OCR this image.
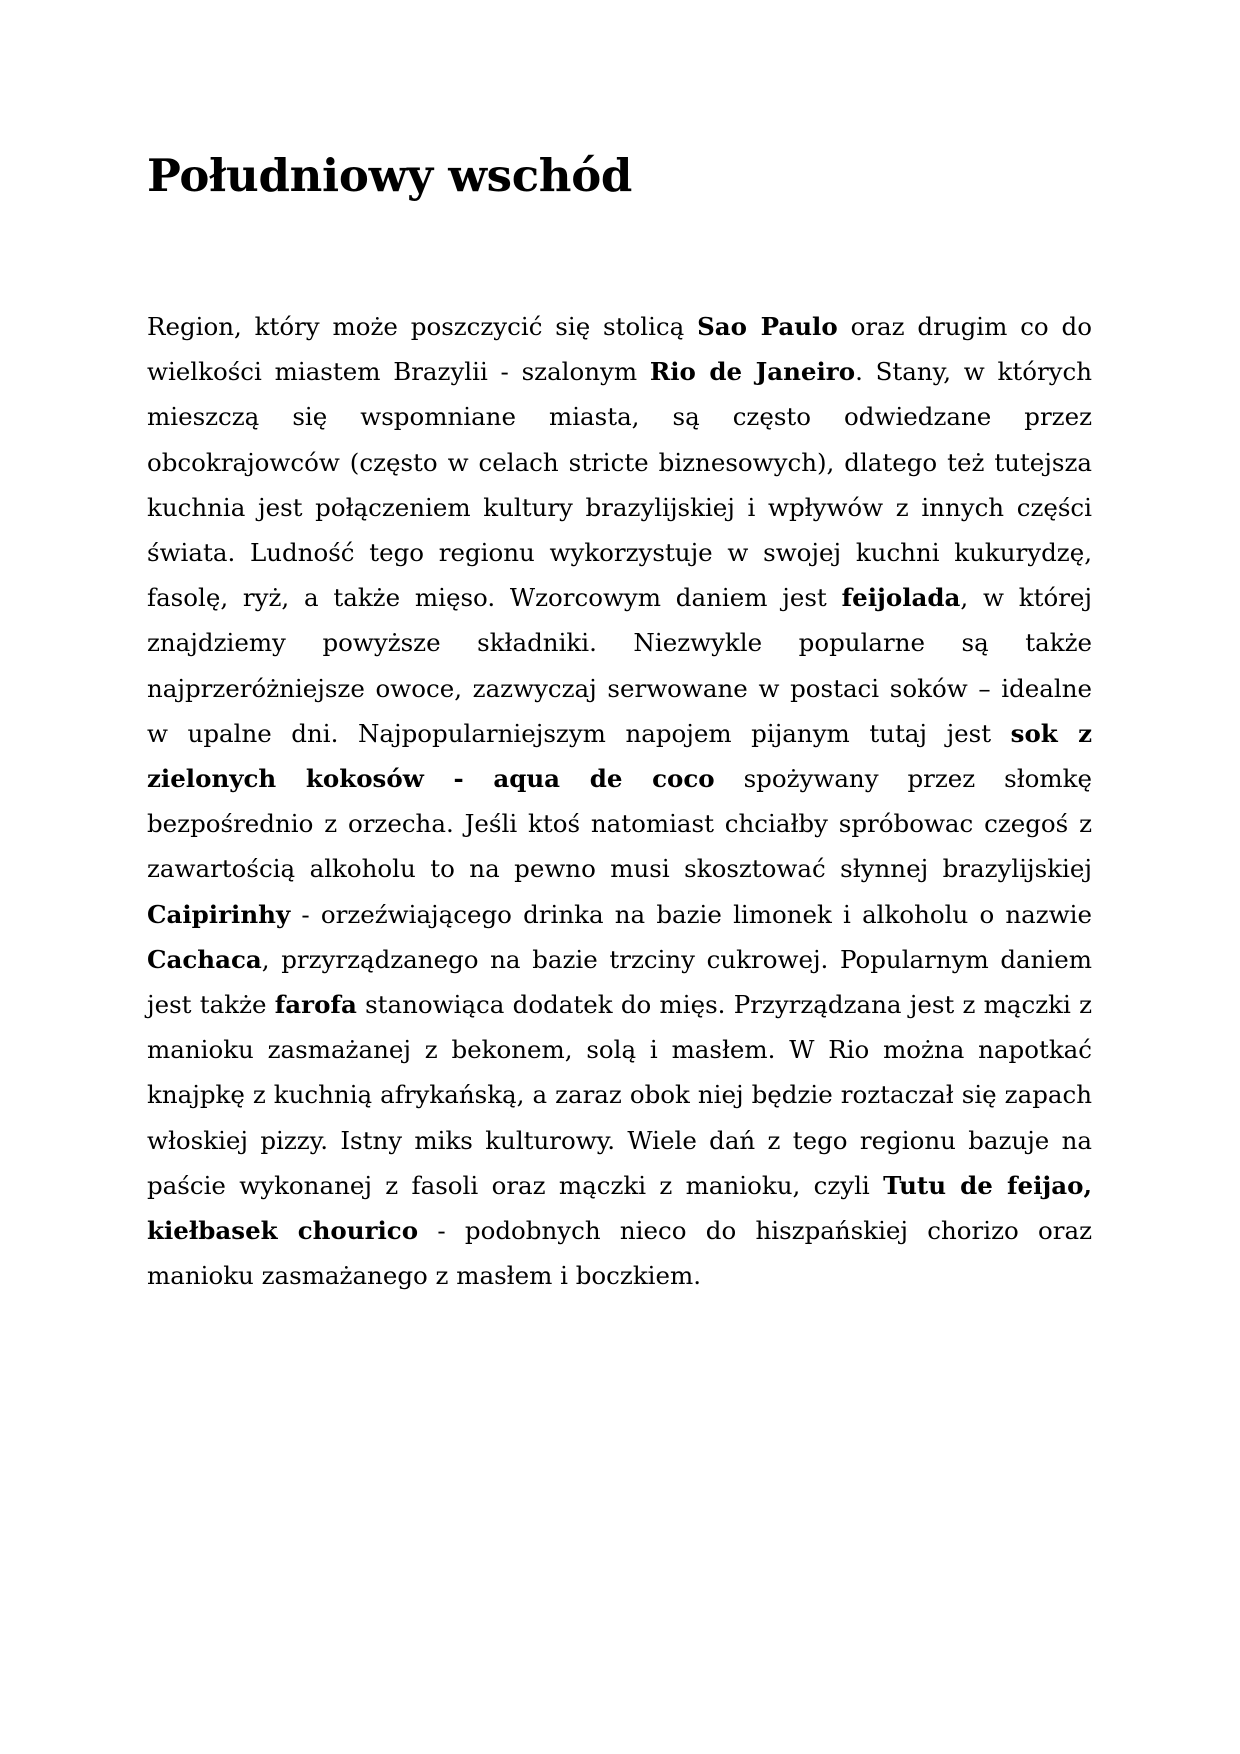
Południowy wschód

Region, który może poszczycić się stolicą Sao Paulo oraz drugim co do wielkości miastem Brazylii - szalonym Rio de Janeiro. Stany, w których mieszczą się wspomniane miasta, są często odwiedzane przez obcokrajowców (często w celach stricte biznesowych), dlatego też tutejsza kuchnia jest połączeniem kultury brazylijskiej i wpływów z innych części świata. Ludność tego regionu wykorzystuje w swojej kuchni kukurydzę, fasolę, ryż, a także mięso. Wzorcowym daniem jest feijolada, w której znajdziemy powyższe składniki. Niezwykle popularne są także najprzeróżniejsze owoce, zazwyczaj serwowane w postaci soków – idealne w upalne dni. Najpopularniejszym napojem pijanym tutaj jest sok z zielonych kokosów - aqua de coco spożywany przez słomkę bezpośrednio z orzecha. Jeśli ktoś natomiast chciałby spróbowac czegoś z zawartością alkoholu to na pewno musi skosztować słynnej brazylijskiej Caipirinhy - orzeźwiającego drinka na bazie limonek i alkoholu o nazwie Cachaca, przyrządzanego na bazie trzciny cukrowej. Popularnym daniem jest także farofa stanowiąca dodatek do mięs. Przyrządzana jest z mączki z manioku zasmażanej z bekonem, solą i masłem. W Rio można napotkać knajpkę z kuchnią afrykańską, a zaraz obok niej będzie roztaczał się zapach włoskiej pizzy. Istny miks kulturowy. Wiele dań z tego regionu bazuje na paście wykonanej z fasoli oraz mączki z manioku, czyli Tutu de feijao, kiełbasek chourico - podobnych nieco do hiszpańskiej chorizo oraz manioku zasmażanego z masłem i boczkiem.
